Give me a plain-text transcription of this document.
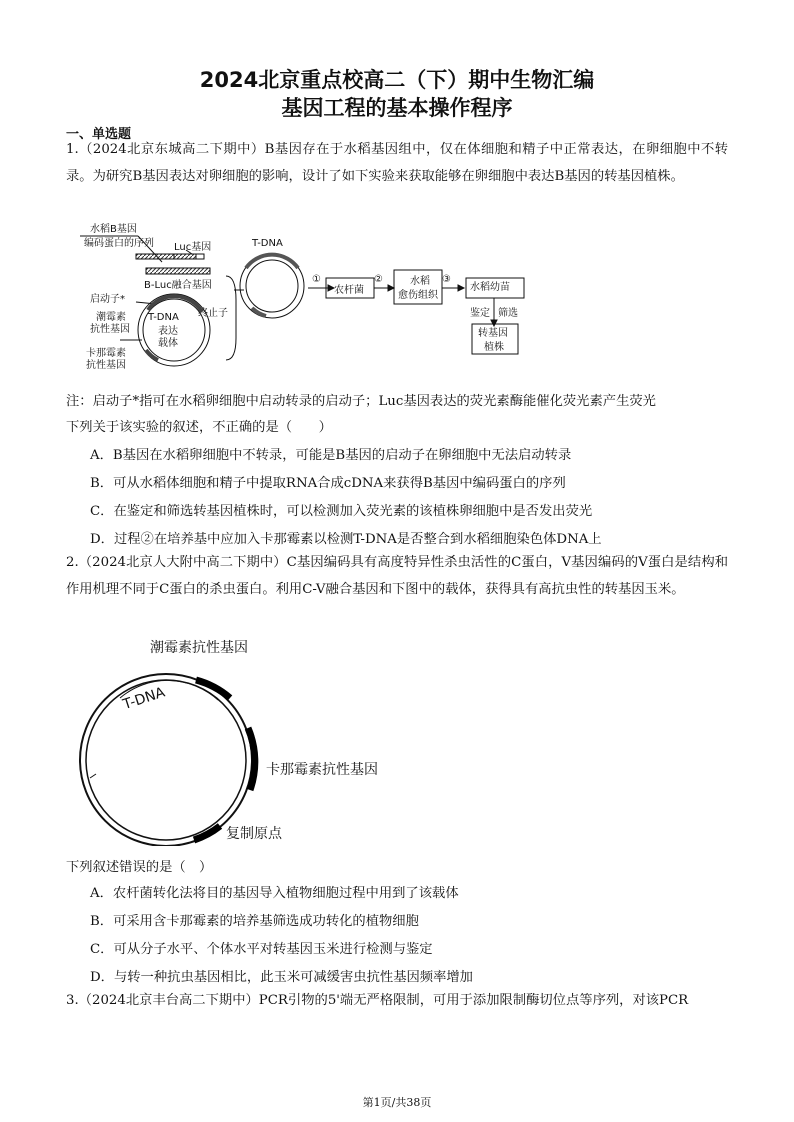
2024北京重点校高二（下）期中生物汇编
基因工程的基本操作程序
一、单选题
1.（2024北京东城高二下期中）B基因存在于水稻基因组中，仅在体细胞和精子中正常表达，在卵细胞中不转录。为研究B基因表达对卵细胞的影响，设计了如下实验来获取能够在卵细胞中表达B基因的转基因植株。
水稻B基因
编码蛋白的序列 Luc基因
B-Luc融合基因
启动子*
潮霉素
抗性基因
T-DNA
表达
载体
终止子
卡那霉素
抗性基因
T-DNA
①	②	③
农杆菌
水稻
愈伤组织
水稻幼苗
鉴定 筛选
转基因
植株
注：启动子*指可在水稻卵细胞中启动转录的启动子；Luc基因表达的荧光素酶能催化荧光素产生荧光
下列关于该实验的叙述，不正确的是（　　）
A．B基因在水稻卵细胞中不转录，可能是B基因的启动子在卵细胞中无法启动转录
B．可从水稻体细胞和精子中提取RNA合成cDNA来获得B基因中编码蛋白的序列
C．在鉴定和筛选转基因植株时，可以检测加入荧光素的该植株卵细胞中是否发出荧光
D．过程②在培养基中应加入卡那霉素以检测T-DNA是否整合到水稻细胞染色体DNA上
2.（2024北京人大附中高二下期中）C基因编码具有高度特异性杀虫活性的C蛋白，V基因编码的V蛋白是结构和作用机理不同于C蛋白的杀虫蛋白。利用C-V融合基因和下图中的载体，获得具有高抗虫性的转基因玉米。
潮霉素抗性基因
T-DNA
卡那霉素抗性基因
复制原点
下列叙述错误的是（　）
A．农杆菌转化法将目的基因导入植物细胞过程中用到了该载体
B．可采用含卡那霉素的培养基筛选成功转化的植物细胞
C．可从分子水平、个体水平对转基因玉米进行检测与鉴定
D．与转一种抗虫基因相比，此玉米可减缓害虫抗性基因频率增加
3.（2024北京丰台高二下期中）PCR引物的5'端无严格限制，可用于添加限制酶切位点等序列，对该PCR
第1页/共38页
